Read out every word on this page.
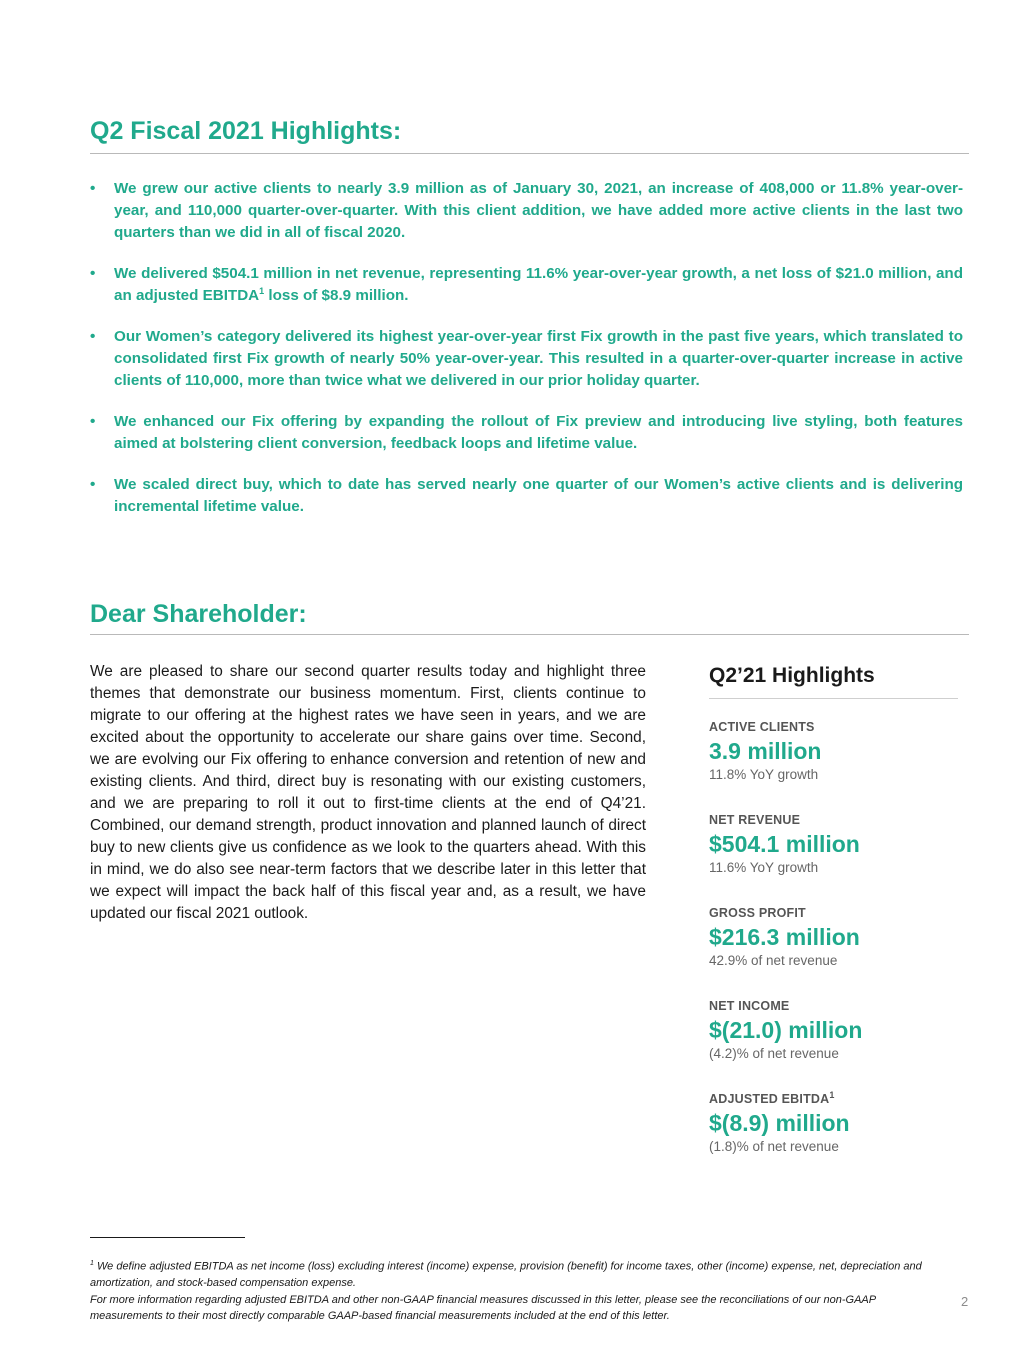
Q2 Fiscal 2021 Highlights:
• We grew our active clients to nearly 3.9 million as of January 30, 2021, an increase of 408,000 or 11.8% year-over-year, and 110,000 quarter-over-quarter. With this client addition, we have added more active clients in the last two quarters than we did in all of fiscal 2020.
• We delivered $504.1 million in net revenue, representing 11.6% year-over-year growth, a net loss of $21.0 million, and an adjusted EBITDA$^1$ loss of $8.9 million.
• Our Women’s category delivered its highest year-over-year first Fix growth in the past five years, which translated to consolidated first Fix growth of nearly 50% year-over-year. This resulted in a quarter-over-quarter increase in active clients of 110,000, more than twice what we delivered in our prior holiday quarter.
• We enhanced our Fix offering by expanding the rollout of Fix preview and introducing live styling, both features aimed at bolstering client conversion, feedback loops and lifetime value.
• We scaled direct buy, which to date has served nearly one quarter of our Women’s active clients and is delivering incremental lifetime value.
Dear Shareholder:

We are pleased to share our second quarter results today and highlight three themes that demonstrate our business momentum. First, clients continue to migrate to our offering at the highest rates we have seen in years, and we are excited about the opportunity to accelerate our share gains over time. Second, we are evolving our Fix offering to enhance conversion and retention of new and existing clients. And third, direct buy is resonating with our existing customers, and we are preparing to roll it out to first-time clients at the end of Q4’21. Combined, our demand strength, product innovation and planned launch of direct buy to new clients give us confidence as we look to the quarters ahead. With this in mind, we do also see near-term factors that we describe later in this letter that we expect will impact the back half of this fiscal year and, as a result, we have updated our fiscal 2021 outlook.

Q2’21 Highlights
ACTIVE CLIENTS
3.9 million
11.8% YoY growth
NET REVENUE
$504.1 million
11.6% YoY growth
GROSS PROFIT
$216.3 million
42.9% of net revenue
NET INCOME
$(21.0) million
(4.2)% of net revenue
ADJUSTED EBITDA$^1$
$(8.9) million
(1.8)% of net revenue

$^1$ We define adjusted EBITDA as net income (loss) excluding interest (income) expense, provision (benefit) for income taxes, other (income) expense, net, depreciation and amortization, and stock-based compensation expense.
For more information regarding adjusted EBITDA and other non-GAAP financial measures discussed in this letter, please see the reconciliations of our non-GAAP measurements to their most directly comparable GAAP-based financial measurements included at the end of this letter.

2
